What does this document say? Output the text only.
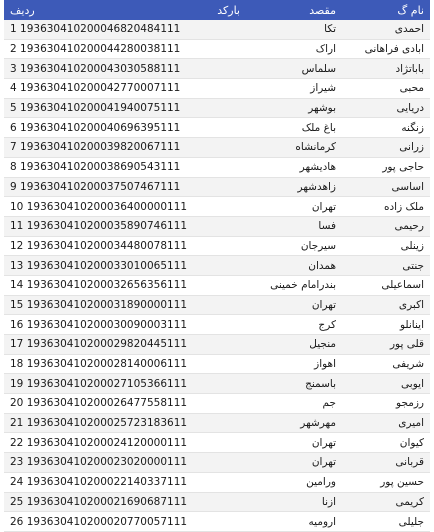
ردیف	بارکد	مقصد	نام گ
1 193630410200046820484111		تکا	احمدی
2 193630410200044280038111		اراک	ابادی فراهانی
3 193630410200043030588111		سلماس	باباتژاد
4 193630410200042770007111		شیراز	محبی
5 193630410200041940075111		بوشهر	دریایی
6 193630410200040696395111		باغ ملک	زنگنه
7 193630410200039820067111		کرمانشاه	زرانی
8 193630410200038690543111		هادیشهر	حاجی پور
9 193630410200037507467111		زاهدشهر	اساسی
10 193630410200036400000111		تهران	ملک زاده
11 193630410200035890746111		فسا	رحیمی
12 193630410200034480078111		سیرجان	زینلی
13 193630410200033010065111		همدان	جنتی
14 193630410200032656356111		بندرامام خمینی	اسماعیلی
15 193630410200031890000111		تهران	اکبری
16 193630410200030090003111		کرج	اینانلو
17 193630410200029820445111		منجیل	قلی پور
18 193630410200028140006111		اهواز	شریفی
19 193630410200027105366111		باسمنج	ایوبی
20 193630410200026477558111		جم	رزمجو
21 193630410200025723183611		مهرشهر	امیری
22 193630410200024120000111		تهران	کیوان
23 193630410200023020000111		تهران	قربانی
24 193630410200022140337111		ورامین	حسین پور
25 193630410200021690687111		ازنا	کریمی
26 193630410200020770057111		ارومیه	جلیلی
